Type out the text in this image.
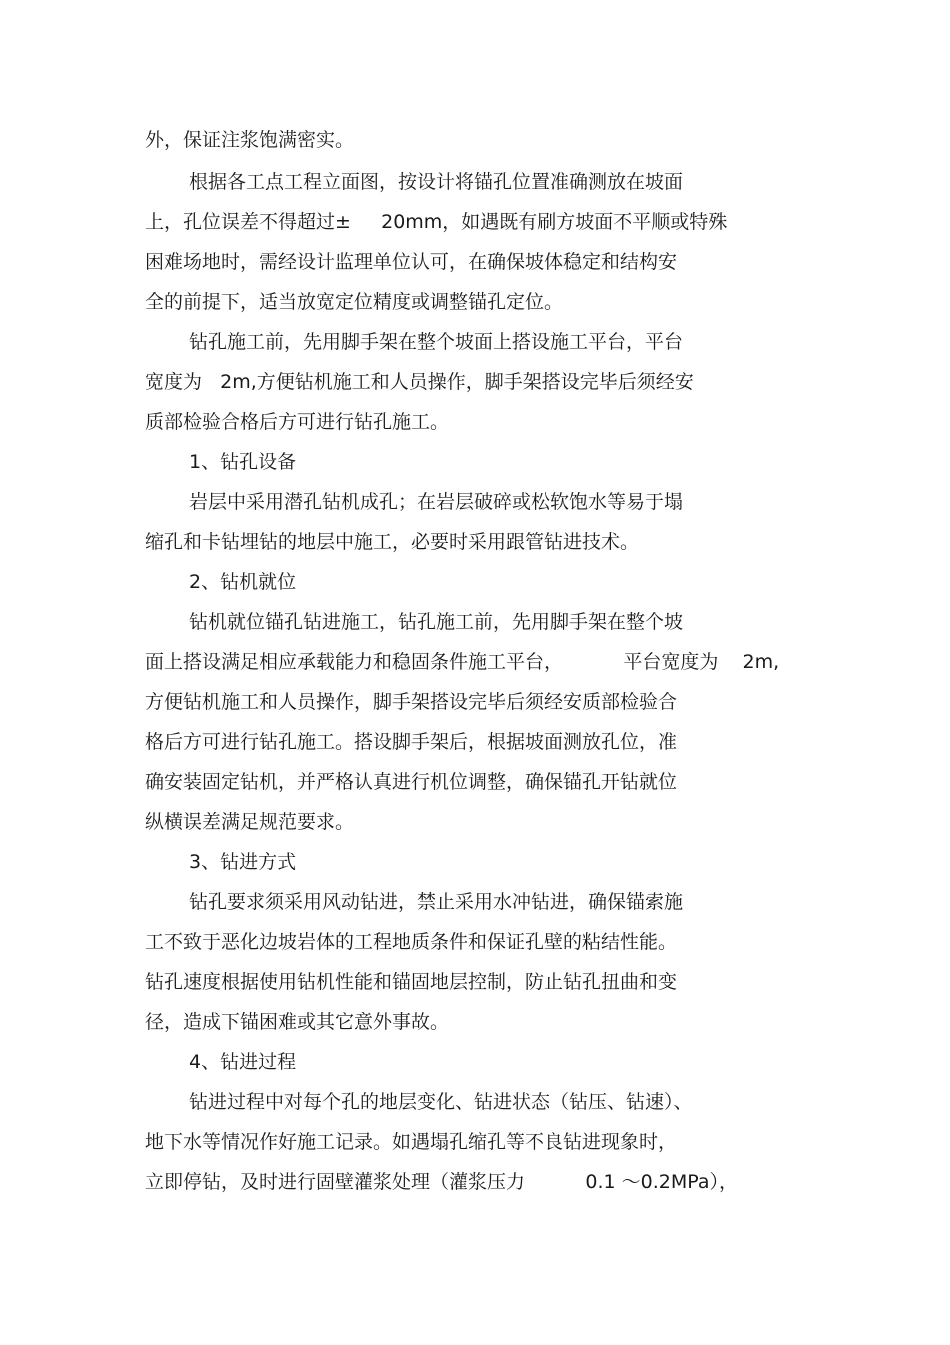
外，保证注浆饱满密实。
根据各工点工程立面图，按设计将锚孔位置准确测放在坡面
上，孔位误差不得超过±     20mm，如遇既有刷方坡面不平顺或特殊
困难场地时，需经设计监理单位认可，在确保坡体稳定和结构安
全的前提下，适当放宽定位精度或调整锚孔定位。
钻孔施工前，先用脚手架在整个坡面上搭设施工平台，平台
宽度为   2m,方便钻机施工和人员操作，脚手架搭设完毕后须经安
质部检验合格后方可进行钻孔施工。
1、钻孔设备
岩层中采用潜孔钻机成孔；在岩层破碎或松软饱水等易于塌
缩孔和卡钻埋钻的地层中施工，必要时采用跟管钻进技术。
2、钻机就位
钻机就位锚孔钻进施工，钻孔施工前，先用脚手架在整个坡
面上搭设满足相应承载能力和稳固条件施工平台，          平台宽度为    2m,
方便钻机施工和人员操作，脚手架搭设完毕后须经安质部检验合
格后方可进行钻孔施工。搭设脚手架后，根据坡面测放孔位，准
确安装固定钻机，并严格认真进行机位调整，确保锚孔开钻就位
纵横误差满足规范要求。
3、钻进方式
钻孔要求须采用风动钻进，禁止采用水冲钻进，确保锚索施
工不致于恶化边坡岩体的工程地质条件和保证孔壁的粘结性能。
钻孔速度根据使用钻机性能和锚固地层控制，防止钻孔扭曲和变
径，造成下锚困难或其它意外事故。
4、钻进过程
钻进过程中对每个孔的地层变化、钻进状态（钻压、钻速）、
地下水等情况作好施工记录。如遇塌孔缩孔等不良钻进现象时，
立即停钻，及时进行固壁灌浆处理（灌浆压力          0.1 ～0.2MPa），
